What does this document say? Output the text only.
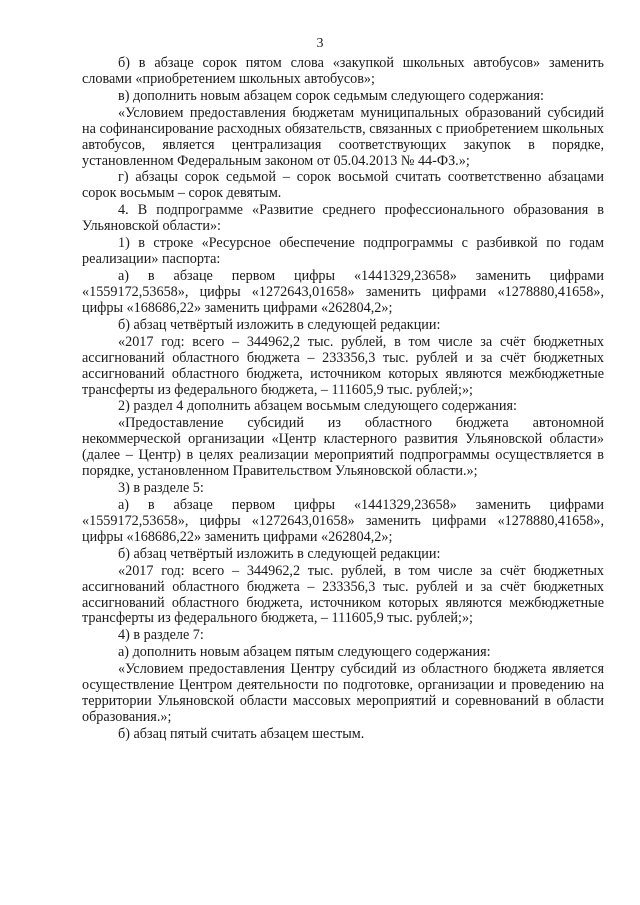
3

б) в абзаце сорок пятом слова «закупкой школьных автобусов» заменить словами «приобретением школьных автобусов»;

в) дополнить новым абзацем сорок седьмым следующего содержания:

«Условием предоставления бюджетам муниципальных образований субсидий на софинансирование расходных обязательств, связанных с приобретением школьных автобусов, является централизация соответствующих закупок в порядке, установленном Федеральным законом от 05.04.2013 № 44-ФЗ.»;

г) абзацы сорок седьмой – сорок восьмой считать соответственно абзацами сорок восьмым – сорок девятым.

4. В подпрограмме «Развитие среднего профессионального образования в Ульяновской области»:

1) в строке «Ресурсное обеспечение подпрограммы с разбивкой по годам реализации» паспорта:

а) в абзаце первом цифры «1441329,23658» заменить цифрами «1559172,53658», цифры «1272643,01658» заменить цифрами «1278880,41658», цифры «168686,22» заменить цифрами «262804,2»;

б) абзац четвёртый изложить в следующей редакции:

«2017 год: всего – 344962,2 тыс. рублей, в том числе за счёт бюджетных ассигнований областного бюджета – 233356,3 тыс. рублей и за счёт бюджетных ассигнований областного бюджета, источником которых являются межбюджетные трансферты из федерального бюджета, – 111605,9 тыс. рублей;»;

2) раздел 4 дополнить абзацем восьмым следующего содержания:

«Предоставление субсидий из областного бюджета автономной некоммерческой организации «Центр кластерного развития Ульяновской области» (далее – Центр) в целях реализации мероприятий подпрограммы осуществляется в порядке, установленном Правительством Ульяновской области.»;

3) в разделе 5:

а) в абзаце первом цифры «1441329,23658» заменить цифрами «1559172,53658», цифры «1272643,01658» заменить цифрами «1278880,41658», цифры «168686,22» заменить цифрами «262804,2»;

б) абзац четвёртый изложить в следующей редакции:

«2017 год: всего – 344962,2 тыс. рублей, в том числе за счёт бюджетных ассигнований областного бюджета – 233356,3 тыс. рублей и за счёт бюджетных ассигнований областного бюджета, источником которых являются межбюджетные трансферты из федерального бюджета, – 111605,9 тыс. рублей;»;

4) в разделе 7:

а) дополнить новым абзацем пятым следующего содержания:

«Условием предоставления Центру субсидий из областного бюджета является осуществление Центром деятельности по подготовке, организации и проведению на территории Ульяновской области массовых мероприятий и соревнований в области образования.»;

б) абзац пятый считать абзацем шестым.
